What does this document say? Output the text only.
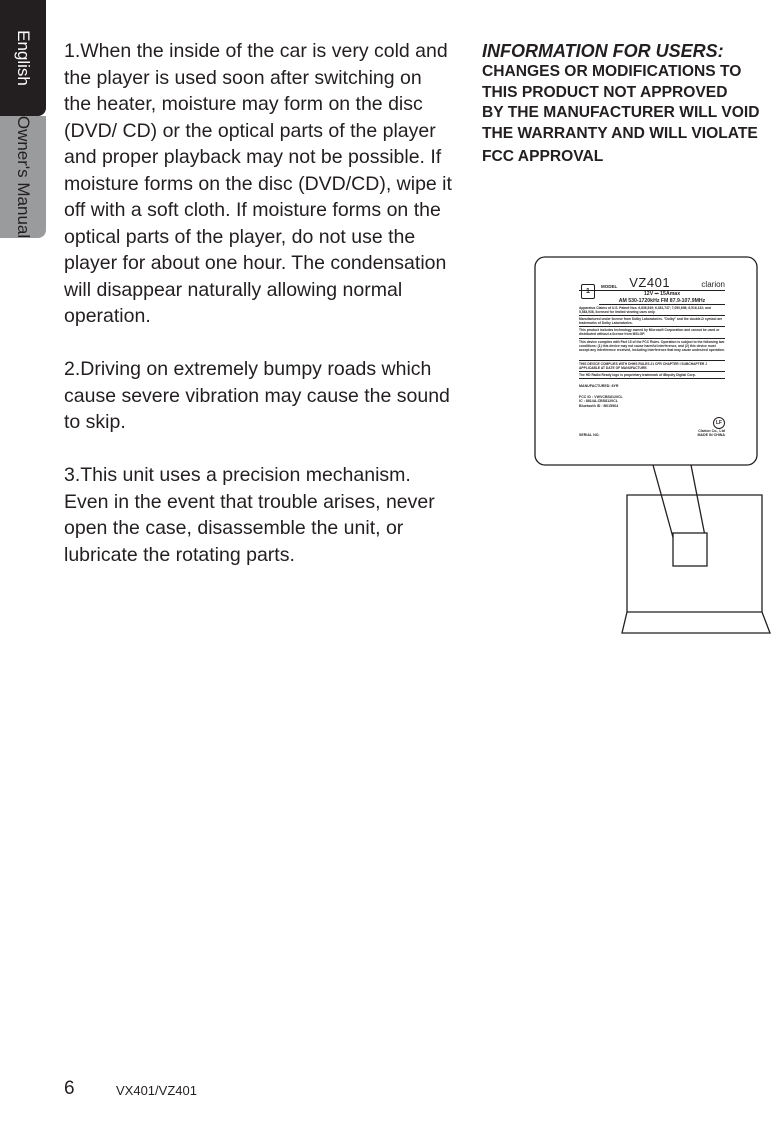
English
Owner's Manual

1.When the inside of the car is very cold and the player is used soon after switching on the heater, moisture may form on the disc (DVD/ CD) or the optical parts of the player and proper playback may not be possible. If moisture forms on the disc (DVD/CD), wipe it off with a soft cloth. If moisture forms on the optical parts of the player, do not use the player for about one hour. The condensation will disappear naturally allowing normal operation.

2.Driving on extremely bumpy roads which cause severe vibration may cause the sound to skip.

3.This unit uses a precision mechanism. Even in the event that trouble arises, never open the case, disassemble the unit, or lubricate the rotating parts.

INFORMATION FOR USERS:
CHANGES OR MODIFICATIONS TO
THIS PRODUCT NOT APPROVED
BY THE MANUFACTURER WILL VOID
THE WARRANTY AND WILL VIOLATE
FCC APPROVAL
1
MODEL VZ401	clarion
12V ⎓ 15Amax
AM 530-1720kHz FM 87.9-107.9MHz
Apparatus Claims of U.S. Patent Nos. 6,836,549; 6,381,747; 7,050,698; 6,516,132; and 5,583,936, licensed for limited viewing uses only.
Manufactured under license from Dolby Laboratories. "Dolby" and the double-D symbol are trademarks of Dolby Laboratories.
This product includes technology owned by Microsoft Corporation and cannot be used or distributed without a license from MSLGP.
This device complies with Part 15 of the FCC Rules. Operation is subject to the following two conditions: (1) this device may not cause harmful interference, and (2) this device must accept any interference received, including interference that may cause undesired operation.
THIS DEVICE COMPLIES WITH DHHS RULES 21 CFR CHAPTER I SUBCHAPTER J APPLICABLE AT DATE OF MANUFACTURE.
The HD Radio Ready logo is proprietary trademark of iBiquity Digital Corp.
MANUFACTURED: 8YR
FCC ID : VWVCBS8120CL
IC : 8814A-CBS8120CL
Bluetooth ID : B015964
SERIAL NO.
LF
Clarion Co., Ltd
MADE IN CHINA
6	VX401/VZ401
